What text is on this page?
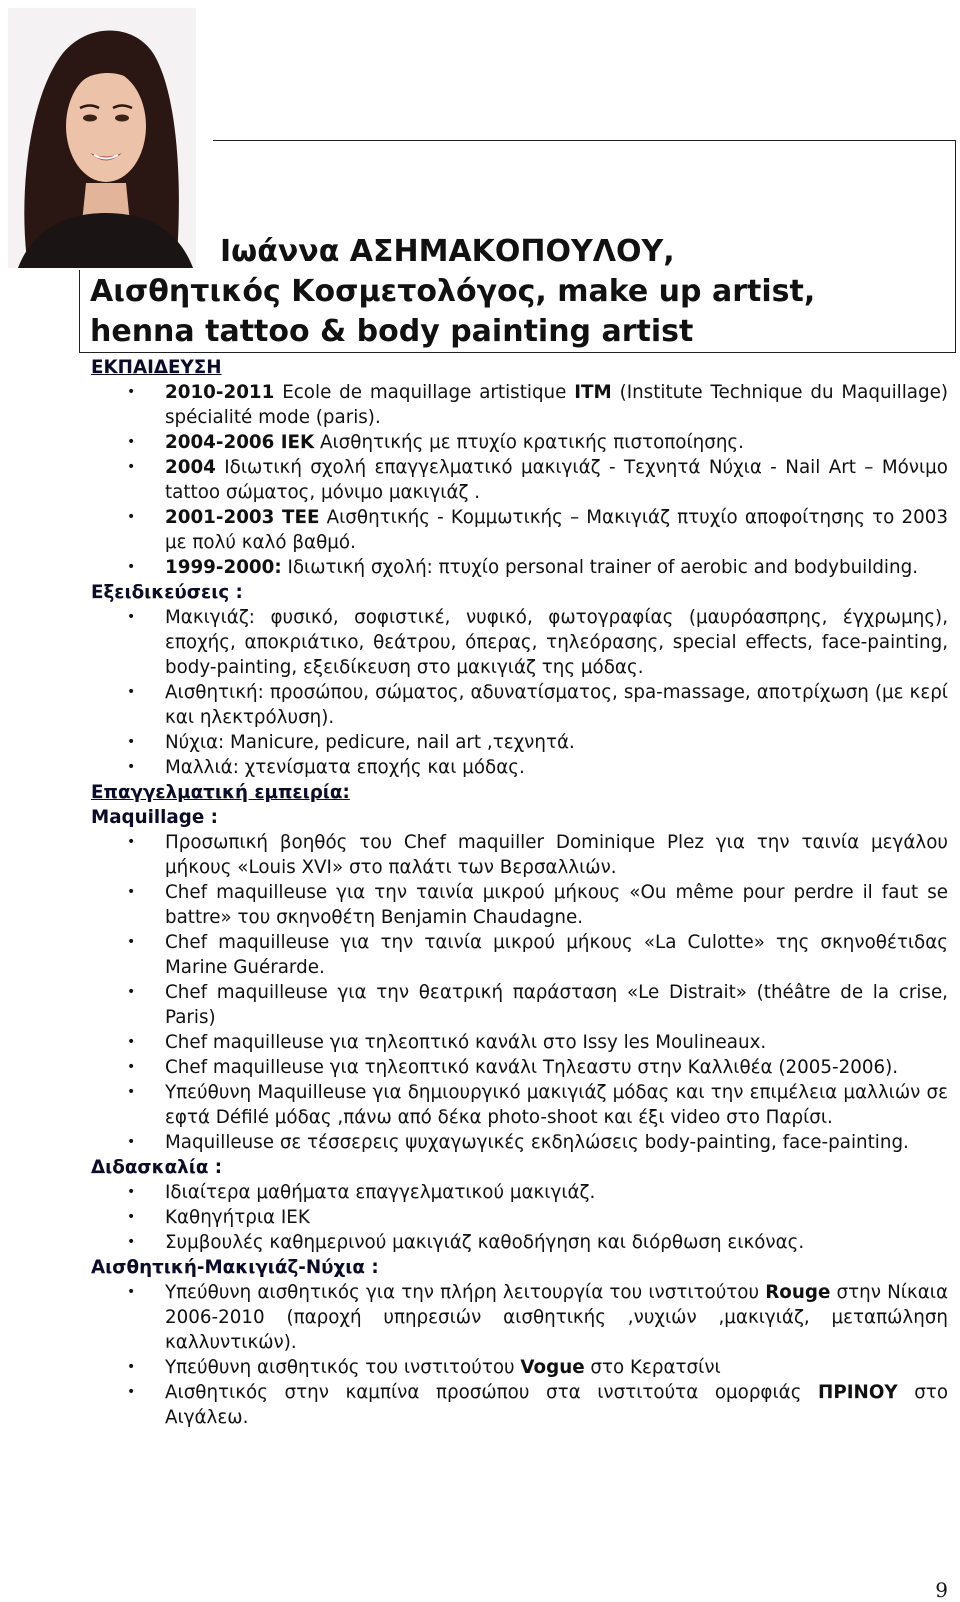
Ιωάννα ΑΣΗΜΑΚΟΠΟΥΛΟΥ,
Αισθητικός Κοσμετολόγος, make up artist,
henna tattoo & body painting artist
ΕΚΠΑΙΔΕΥΣΗ
• 2010-2011 Ecole de maquillage artistique ITM (Institute Technique du Maquillage) spécialité mode (paris).
• 2004-2006 ΙΕΚ Αισθητικής με πτυχίο κρατικής πιστοποίησης.
• 2004 Ιδιωτική σχολή επαγγελματικό μακιγιάζ - Τεχνητά Νύχια - Nail Art – Μόνιμο tattoo σώματος, μόνιμο μακιγιάζ .
• 2001-2003 ΤΕΕ Αισθητικής - Κομμωτικής – Μακιγιάζ πτυχίο αποφοίτησης το 2003 με πολύ καλό βαθμό.
• 1999-2000: Ιδιωτική σχολή: πτυχίο personal trainer of aerobic and bodybuilding.
Εξειδικεύσεις :
• Μακιγιάζ: φυσικό, σοφιστικέ, νυφικό, φωτογραφίας (μαυρόασπρης, έγχρωμης), εποχής, αποκριάτικο, θεάτρου, όπερας, τηλεόρασης, special effects, face-painting, body-painting, εξειδίκευση στο μακιγιάζ της μόδας.
• Αισθητική: προσώπου, σώματος, αδυνατίσματος, spa-massage, αποτρίχωση (με κερί και ηλεκτρόλυση).
• Νύχια: Manicure, pedicure, nail art ,τεχνητά.
• Μαλλιά: χτενίσματα εποχής και μόδας.
Επαγγελματική εμπειρία:
Maquillage :
• Προσωπική βοηθός του Chef maquiller Dominique Plez για την ταινία μεγάλου μήκους «Louis XVI» στο παλάτι των Βερσαλλιών.
• Chef maquilleuse για την ταινία μικρού μήκους «Ou même pour perdre il faut se battre» του σκηνοθέτη Benjamin Chaudagne.
• Chef maquilleuse για την ταινία μικρού μήκους «La Culotte» της σκηνοθέτιδας Marine Guérarde.
• Chef maquilleuse για την θεατρική παράσταση «Le Distrait» (théâtre de la crise, Paris)
• Chef maquilleuse για τηλεοπτικό κανάλι στο Issy les Moulineaux.
• Chef maquilleuse για τηλεοπτικό κανάλι Τηλεαστυ στην Καλλιθέα (2005-2006).
• Υπεύθυνη Maquilleuse για δημιουργικό μακιγιάζ μόδας και την επιμέλεια μαλλιών σε εφτά Défilé μόδας ,πάνω από δέκα photo-shoot και έξι video στο Παρίσι.
• Maquilleuse σε τέσσερεις ψυχαγωγικές εκδηλώσεις body-painting, face-painting.
Διδασκαλία :
• Ιδιαίτερα μαθήματα επαγγελματικού μακιγιάζ.
• Καθηγήτρια ΙΕΚ
• Συμβουλές καθημερινού μακιγιάζ καθοδήγηση και διόρθωση εικόνας.
Αισθητική-Μακιγιάζ-Νύχια :
• Υπεύθυνη αισθητικός για την πλήρη λειτουργία του ινστιτούτου Rouge στην Νίκαια 2006-2010 (παροχή υπηρεσιών αισθητικής ,νυχιών ,μακιγιάζ, μεταπώληση καλλυντικών).
• Υπεύθυνη αισθητικός του ινστιτούτου Vogue στο Κερατσίνι
• Αισθητικός στην καμπίνα προσώπου στα ινστιτούτα ομορφιάς ΠΡΙΝΟΥ στο Αιγάλεω.
9
